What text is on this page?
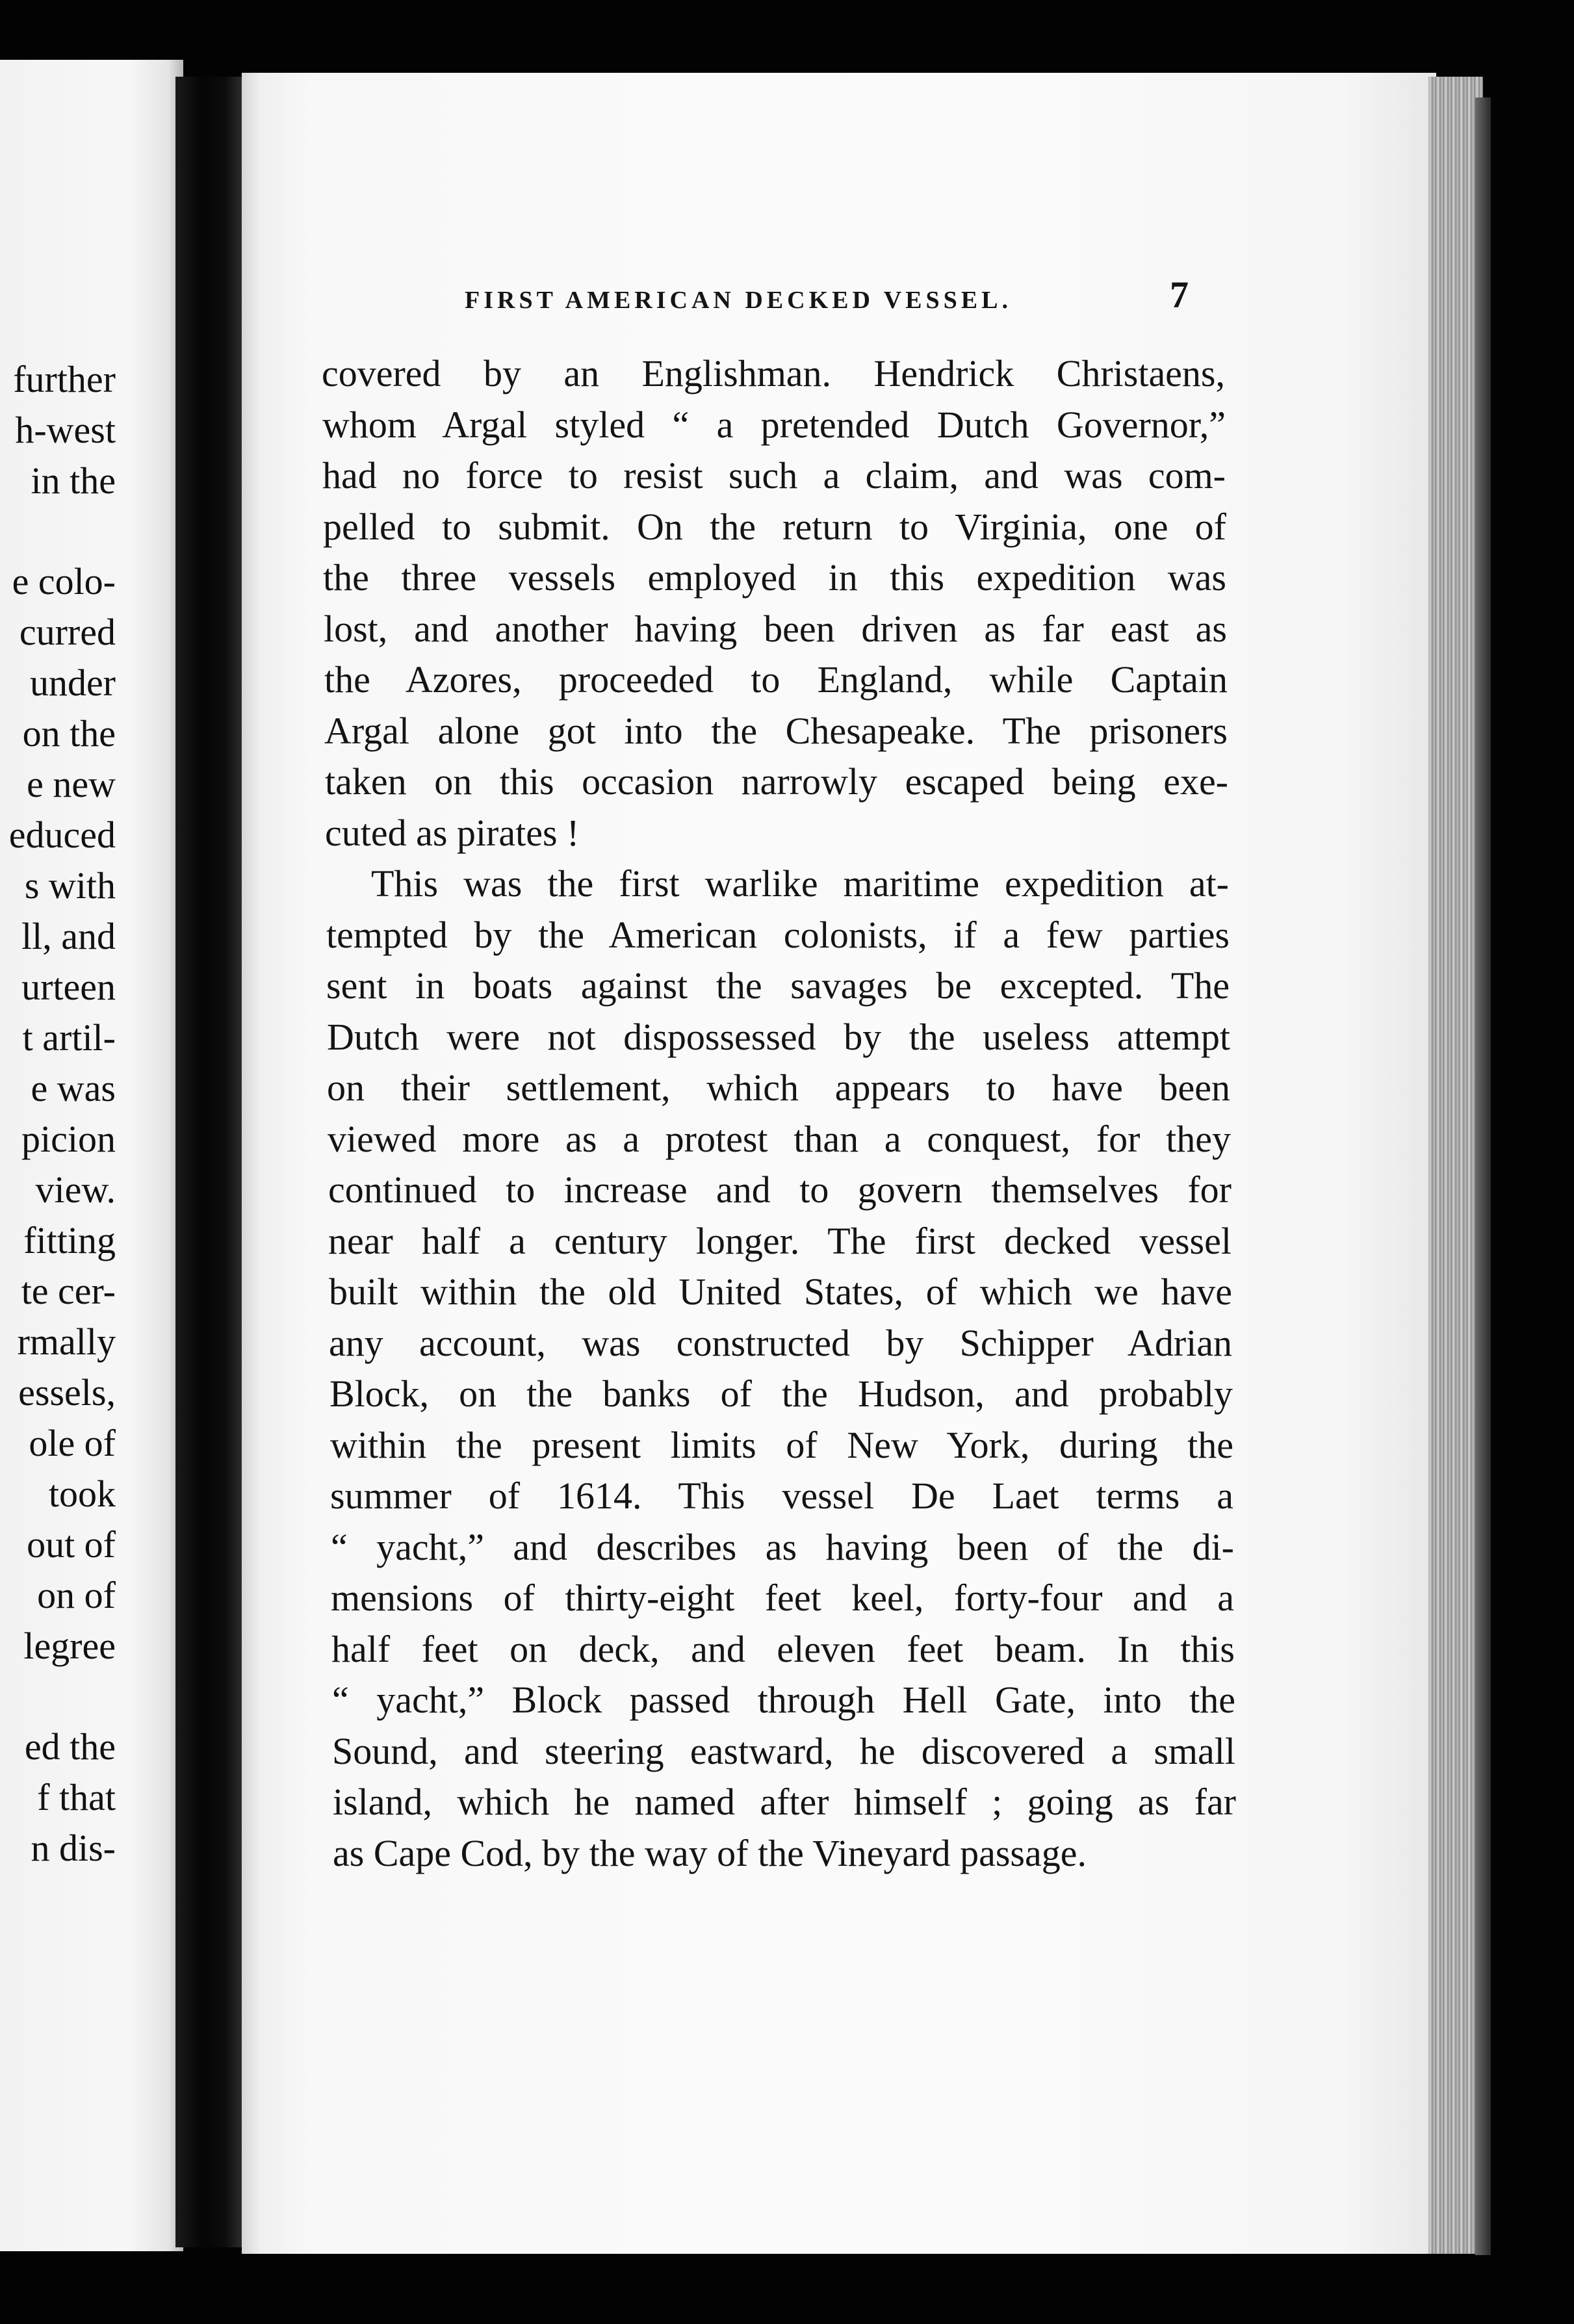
further
h-west
in the
e colo-
curred
under
on the
e new
educed
s with
ll, and
urteen
t artil-
e was
picion
view.
fitting
te cer-
rmally
essels,
ole of
took
out of
on of
legree
ed the
f that
n dis-
FIRST AMERICAN DECKED VESSEL.	7
covered by an Englishman. Hendrick Christaens,
whom Argal styled “ a pretended Dutch Governor,”
had no force to resist such a claim, and was com-
pelled to submit. On the return to Virginia, one of
the three vessels employed in this expedition was
lost, and another having been driven as far east as
the Azores, proceeded to England, while Captain
Argal alone got into the Chesapeake. The prisoners
taken on this occasion narrowly escaped being exe-
cuted as pirates !
This was the first warlike maritime expedition at-
tempted by the American colonists, if a few parties
sent in boats against the savages be excepted. The
Dutch were not dispossessed by the useless attempt
on their settlement, which appears to have been
viewed more as a protest than a conquest, for they
continued to increase and to govern themselves for
near half a century longer. The first decked vessel
built within the old United States, of which we have
any account, was constructed by Schipper Adrian
Block, on the banks of the Hudson, and probably
within the present limits of New York, during the
summer of 1614. This vessel De Laet terms a
“ yacht,” and describes as having been of the di-
mensions of thirty-eight feet keel, forty-four and a
half feet on deck, and eleven feet beam. In this
“ yacht,” Block passed through Hell Gate, into the
Sound, and steering eastward, he discovered a small
island, which he named after himself ; going as far
as Cape Cod, by the way of the Vineyard passage.
